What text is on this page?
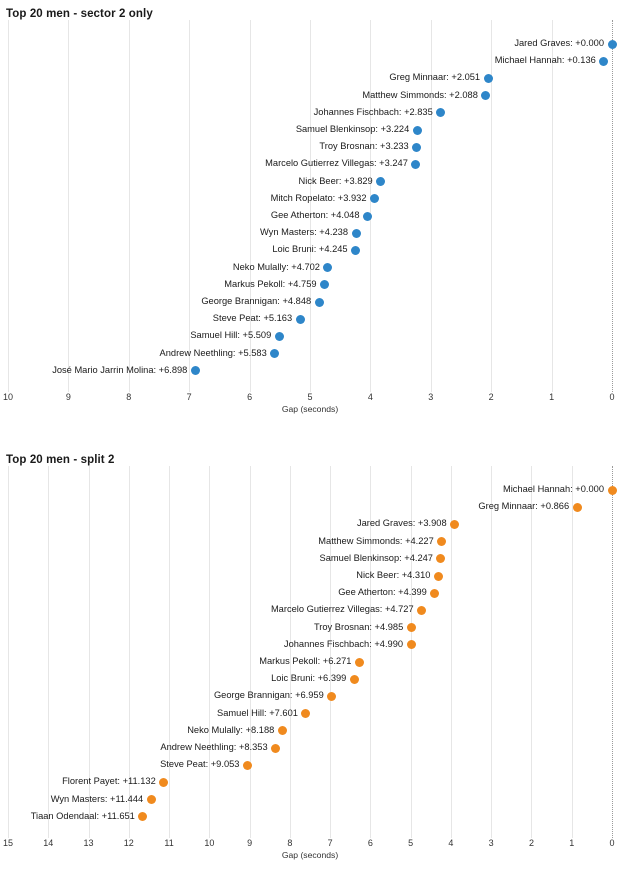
Top 20 men - sector 2 only
Jared Graves: +0.000
Michael Hannah: +0.136
Greg Minnaar: +2.051
Matthew Simmonds: +2.088
Johannes Fischbach: +2.835
Samuel Blenkinsop: +3.224
Troy Brosnan: +3.233
Marcelo Gutierrez Villegas: +3.247
Nick Beer: +3.829
Mitch Ropelato: +3.932
Gee Atherton: +4.048
Wyn Masters: +4.238
Loic Bruni: +4.245
Neko Mulally: +4.702
Markus Pekoll: +4.759
George Brannigan: +4.848
Steve Peat: +5.163
Samuel Hill: +5.509
Andrew Neethling: +5.583
José Mario Jarrin Molina: +6.898
10	9	8	7	6	5	4	3	2	1	0
Gap (seconds)
Top 20 men - split 2
Michael Hannah: +0.000
Greg Minnaar: +0.866
Jared Graves: +3.908
Matthew Simmonds: +4.227
Samuel Blenkinsop: +4.247
Nick Beer: +4.310
Gee Atherton: +4.399
Marcelo Gutierrez Villegas: +4.727
Troy Brosnan: +4.985
Johannes Fischbach: +4.990
Markus Pekoll: +6.271
Loic Bruni: +6.399
George Brannigan: +6.959
Samuel Hill: +7.601
Neko Mulally: +8.188
Andrew Neethling: +8.353
Steve Peat: +9.053
Florent Payet: +11.132
Wyn Masters: +11.444
Tiaan Odendaal: +11.651
15	14	13	12	11	10	9	8	7	6	5	4	3	2	1	0
Gap (seconds)
